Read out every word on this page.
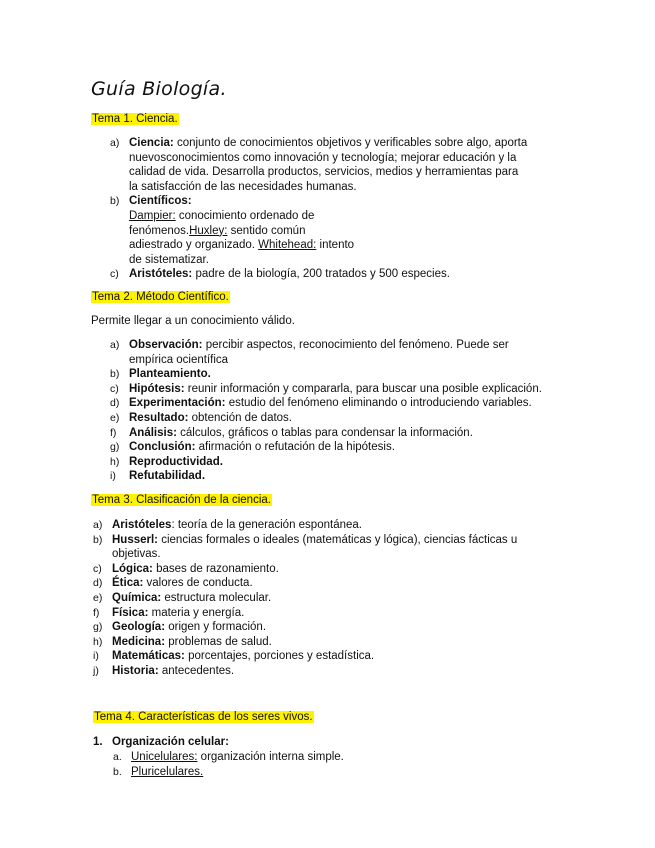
Guía Biología.
Tema 1. Ciencia.
a) Ciencia: conjunto de conocimientos objetivos y verificables sobre algo, aporta
nuevosconocimientos como innovación y tecnología; mejorar educación y la
calidad de vida. Desarrolla productos, servicios, medios y herramientas para
la satisfacción de las necesidades humanas.
b) Científicos:
Dampier: conocimiento ordenado de
fenómenos.Huxley: sentido común
adiestrado y organizado. Whitehead: intento
de sistematizar.
c) Aristóteles: padre de la biología, 200 tratados y 500 especies.
Tema 2. Método Científico.
Permite llegar a un conocimiento válido.
a) Observación: percibir aspectos, reconocimiento del fenómeno. Puede ser
empírica ocientífica
b) Planteamiento.
c) Hipótesis: reunir información y compararla, para buscar una posible explicación.
d) Experimentación: estudio del fenómeno eliminando o introduciendo variables.
e) Resultado: obtención de datos.
f) Análisis: cálculos, gráficos o tablas para condensar la información.
g) Conclusión: afirmación o refutación de la hipótesis.
h) Reproductividad.
i) Refutabilidad.
Tema 3. Clasificación de la ciencia.
a) Aristóteles: teoría de la generación espontánea.
b) Husserl: ciencias formales o ideales (matemáticas y lógica), ciencias fácticas u
objetivas.
c) Lógica: bases de razonamiento.
d) Ética: valores de conducta.
e) Química: estructura molecular.
f) Física: materia y energía.
g) Geología: origen y formación.
h) Medicina: problemas de salud.
i) Matemáticas: porcentajes, porciones y estadística.
j) Historia: antecedentes.
Tema 4. Características de los seres vivos.
1. Organización celular:
a. Unicelulares: organización interna simple.
b. Pluricelulares.
